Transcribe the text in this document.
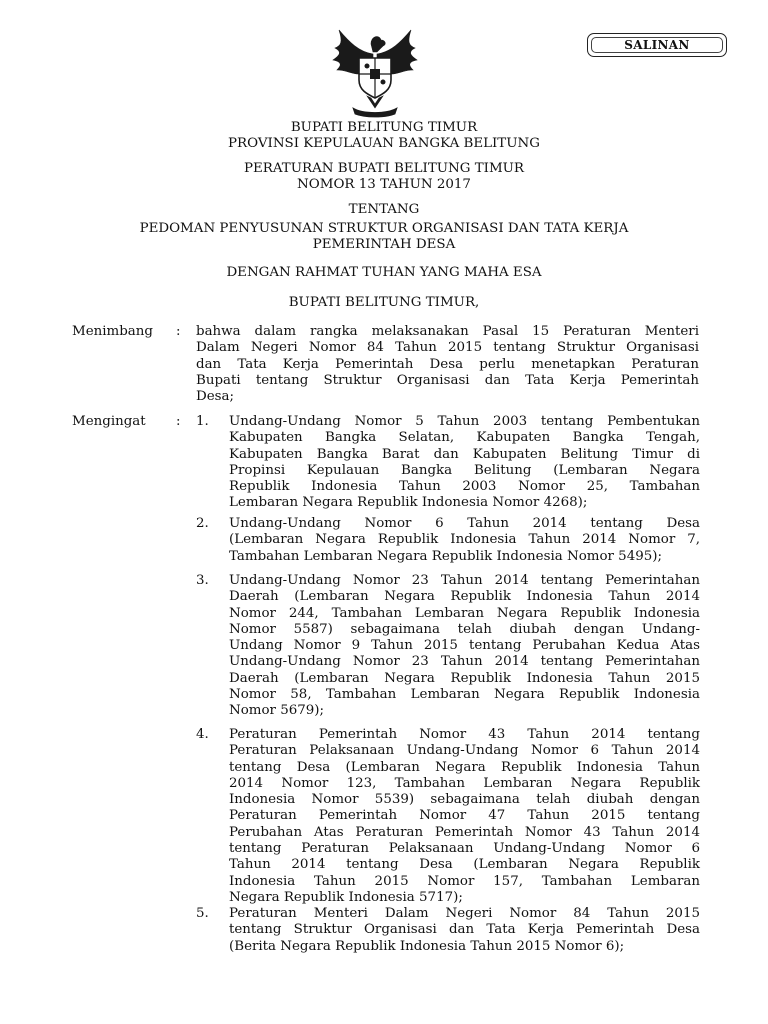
SALINAN
BUPATI BELITUNG TIMUR
PROVINSI KEPULAUAN BANGKA BELITUNG
PERATURAN BUPATI BELITUNG TIMUR
NOMOR 13 TAHUN 2017
TENTANG
PEDOMAN PENYUSUNAN STRUKTUR ORGANISASI DAN TATA KERJA
PEMERINTAH DESA
DENGAN RAHMAT TUHAN YANG MAHA ESA
BUPATI BELITUNG TIMUR,
Menimbang : bahwa dalam rangka melaksanakan Pasal 15 Peraturan Menteri
Dalam Negeri Nomor 84 Tahun 2015 tentang Struktur Organisasi
dan Tata Kerja Pemerintah Desa perlu menetapkan Peraturan
Bupati tentang Struktur Organisasi dan Tata Kerja Pemerintah
Desa;
Mengingat : 1. Undang-Undang Nomor 5 Tahun 2003 tentang Pembentukan
Kabupaten Bangka Selatan, Kabupaten Bangka Tengah,
Kabupaten Bangka Barat dan Kabupaten Belitung Timur di
Propinsi Kepulauan Bangka Belitung (Lembaran Negara
Republik Indonesia Tahun 2003 Nomor 25, Tambahan
Lembaran Negara Republik Indonesia Nomor 4268);
2. Undang-Undang Nomor 6 Tahun 2014 tentang Desa
(Lembaran Negara Republik Indonesia Tahun 2014 Nomor 7,
Tambahan Lembaran Negara Republik Indonesia Nomor 5495);
3. Undang-Undang Nomor 23 Tahun 2014 tentang Pemerintahan
Daerah (Lembaran Negara Republik Indonesia Tahun 2014
Nomor 244, Tambahan Lembaran Negara Republik Indonesia
Nomor 5587) sebagaimana telah diubah dengan Undang-
Undang Nomor 9 Tahun 2015 tentang Perubahan Kedua Atas
Undang-Undang Nomor 23 Tahun 2014 tentang Pemerintahan
Daerah (Lembaran Negara Republik Indonesia Tahun 2015
Nomor 58, Tambahan Lembaran Negara Republik Indonesia
Nomor 5679);
4. Peraturan Pemerintah Nomor 43 Tahun 2014 tentang
Peraturan Pelaksanaan Undang-Undang Nomor 6 Tahun 2014
tentang Desa (Lembaran Negara Republik Indonesia Tahun
2014 Nomor 123, Tambahan Lembaran Negara Republik
Indonesia Nomor 5539) sebagaimana telah diubah dengan
Peraturan Pemerintah Nomor 47 Tahun 2015 tentang
Perubahan Atas Peraturan Pemerintah Nomor 43 Tahun 2014
tentang Peraturan Pelaksanaan Undang-Undang Nomor 6
Tahun 2014 tentang Desa (Lembaran Negara Republik
Indonesia Tahun 2015 Nomor 157, Tambahan Lembaran
Negara Republik Indonesia 5717);
5. Peraturan Menteri Dalam Negeri Nomor 84 Tahun 2015
tentang Struktur Organisasi dan Tata Kerja Pemerintah Desa
(Berita Negara Republik Indonesia Tahun 2015 Nomor 6);
